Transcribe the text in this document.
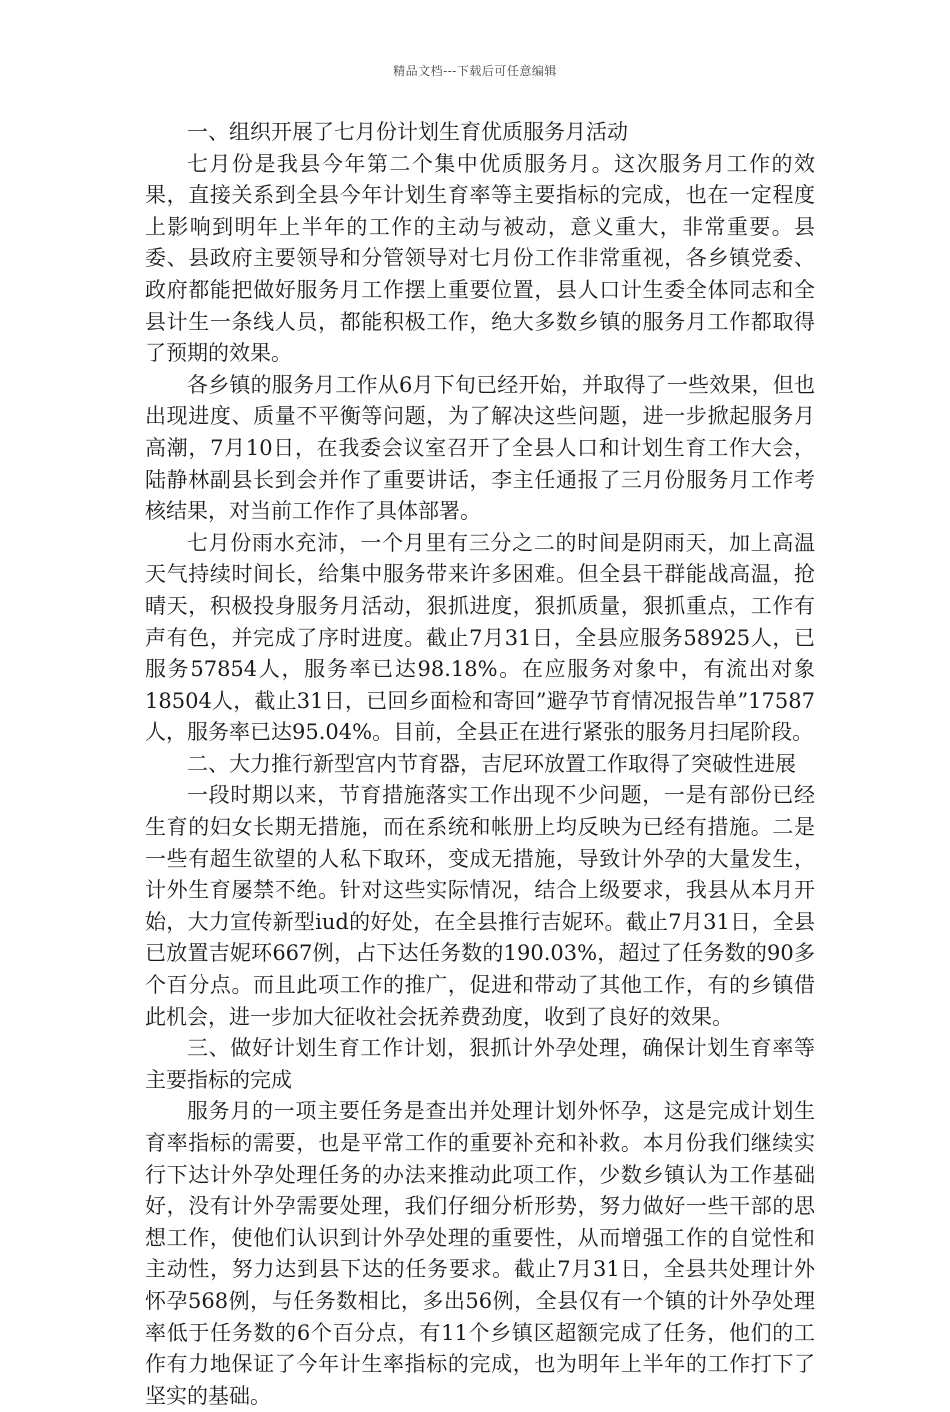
精品文档---下载后可任意编辑

一、组织开展了七月份计划生育优质服务月活动

七月份是我县今年第二个集中优质服务月。这次服务月工作的效果，直接关系到全县今年计划生育率等主要指标的完成，也在一定程度上影响到明年上半年的工作的主动与被动，意义重大，非常重要。县委、县政府主要领导和分管领导对七月份工作非常重视，各乡镇党委、政府都能把做好服务月工作摆上重要位置，县人口计生委全体同志和全县计生一条线人员，都能积极工作，绝大多数乡镇的服务月工作都取得了预期的效果。

各乡镇的服务月工作从6月下旬已经开始，并取得了一些效果，但也出现进度、质量不平衡等问题，为了解决这些问题，进一步掀起服务月高潮，7月10日，在我委会议室召开了全县人口和计划生育工作大会，陆静林副县长到会并作了重要讲话，李主任通报了三月份服务月工作考核结果，对当前工作作了具体部署。

七月份雨水充沛，一个月里有三分之二的时间是阴雨天，加上高温天气持续时间长，给集中服务带来许多困难。但全县干群能战高温，抢晴天，积极投身服务月活动，狠抓进度，狠抓质量，狠抓重点，工作有声有色，并完成了序时进度。截止7月31日，全县应服务58925人，已服务57854人，服务率已达98.18%。在应服务对象中，有流出对象18504人，截止31日，已回乡面检和寄回”避孕节育情况报告单”17587人，服务率已达95.04%。目前，全县正在进行紧张的服务月扫尾阶段。

二、大力推行新型宫内节育器，吉尼环放置工作取得了突破性进展

一段时期以来，节育措施落实工作出现不少问题，一是有部份已经生育的妇女长期无措施，而在系统和帐册上均反映为已经有措施。二是一些有超生欲望的人私下取环，变成无措施，导致计外孕的大量发生，计外生育屡禁不绝。针对这些实际情况，结合上级要求，我县从本月开始，大力宣传新型iud的好处，在全县推行吉妮环。截止7月31日，全县已放置吉妮环667例，占下达任务数的190.03%，超过了任务数的90多个百分点。而且此项工作的推广，促进和带动了其他工作，有的乡镇借此机会，进一步加大征收社会抚养费劲度，收到了良好的效果。

三、做好计划生育工作计划，狠抓计外孕处理，确保计划生育率等主要指标的完成

服务月的一项主要任务是查出并处理计划外怀孕，这是完成计划生育率指标的需要，也是平常工作的重要补充和补救。本月份我们继续实行下达计外孕处理任务的办法来推动此项工作，少数乡镇认为工作基础好，没有计外孕需要处理，我们仔细分析形势，努力做好一些干部的思想工作，使他们认识到计外孕处理的重要性，从而增强工作的自觉性和主动性，努力达到县下达的任务要求。截止7月31日，全县共处理计外怀孕568例，与任务数相比，多出56例，全县仅有一个镇的计外孕处理率低于任务数的6个百分点，有11个乡镇区超额完成了任务，他们的工作有力地保证了今年计生率指标的完成，也为明年上半年的工作打下了坚实的基础。
